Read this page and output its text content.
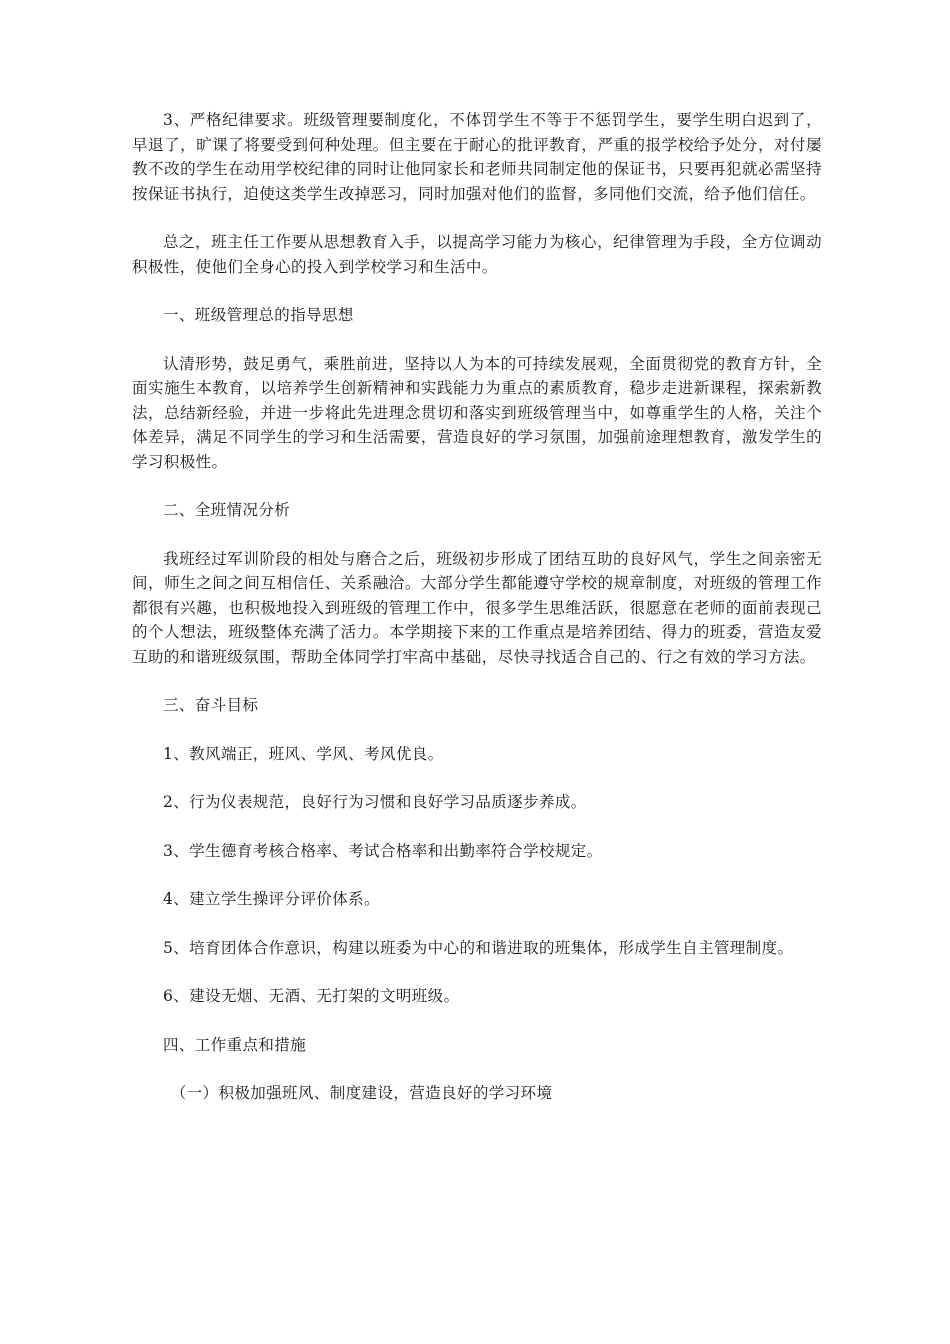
3、严格纪律要求。班级管理要制度化，不体罚学生不等于不惩罚学生，要学生明白迟到了，早退了，旷课了将要受到何种处理。但主要在于耐心的批评教育，严重的报学校给予处分，对付屡教不改的学生在动用学校纪律的同时让他同家长和老师共同制定他的保证书，只要再犯就必需坚持按保证书执行，迫使这类学生改掉恶习，同时加强对他们的监督，多同他们交流，给予他们信任。

总之，班主任工作要从思想教育入手，以提高学习能力为核心，纪律管理为手段，全方位调动积极性，使他们全身心的投入到学校学习和生活中。

一、班级管理总的指导思想

认清形势，鼓足勇气，乘胜前进，坚持以人为本的可持续发展观，全面贯彻党的教育方针，全面实施生本教育，以培养学生创新精神和实践能力为重点的素质教育，稳步走进新课程，探索新教法，总结新经验，并进一步将此先进理念贯切和落实到班级管理当中，如尊重学生的人格，关注个体差异，满足不同学生的学习和生活需要，营造良好的学习氛围，加强前途理想教育，激发学生的学习积极性。

二、全班情况分析

我班经过军训阶段的相处与磨合之后，班级初步形成了团结互助的良好风气，学生之间亲密无间，师生之间之间互相信任、关系融洽。大部分学生都能遵守学校的规章制度，对班级的管理工作都很有兴趣，也积极地投入到班级的管理工作中，很多学生思维活跃，很愿意在老师的面前表现己的个人想法，班级整体充满了活力。本学期接下来的工作重点是培养团结、得力的班委，营造友爱互助的和谐班级氛围，帮助全体同学打牢高中基础，尽快寻找适合自己的、行之有效的学习方法。

三、奋斗目标

1、教风端正，班风、学风、考风优良。

2、行为仪表规范，良好行为习惯和良好学习品质逐步养成。

3、学生德育考核合格率、考试合格率和出勤率符合学校规定。

4、建立学生操评分评价体系。

5、培育团体合作意识，构建以班委为中心的和谐进取的班集体，形成学生自主管理制度。

6、建设无烟、无酒、无打架的文明班级。

四、工作重点和措施

（一）积极加强班风、制度建设，营造良好的学习环境
